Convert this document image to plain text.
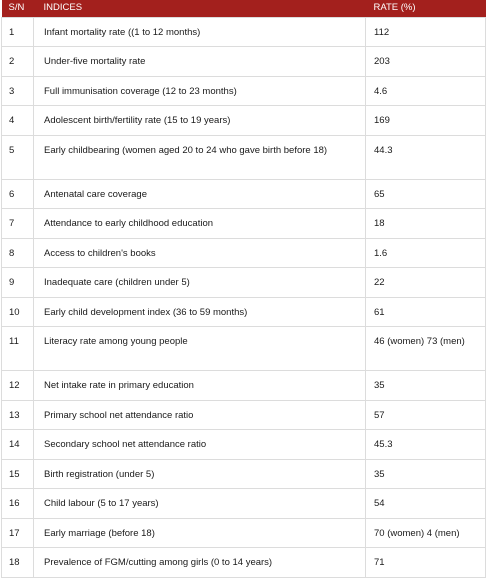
S/N	INDICES	RATE (%)
1	Infant mortality rate ((1 to 12 months)	112
2	Under-five mortality rate	203
3	Full immunisation coverage (12 to 23 months)	4.6
4	Adolescent birth/fertility rate (15 to 19 years)	169
5	Early childbearing (women aged 20 to 24 who gave birth before 18)	44.3
6	Antenatal care coverage	65
7	Attendance to early childhood education	18
8	Access to children's books	1.6
9	Inadequate care (children under 5)	22
10	Early child development index (36 to 59 months)	61
11	Literacy rate among young people	46 (women) 73 (men)
12	Net intake rate in primary education	35
13	Primary school net attendance ratio	57
14	Secondary school net attendance ratio	45.3
15	Birth registration (under 5)	35
16	Child labour (5 to 17 years)	54
17	Early marriage (before 18)	70 (women) 4 (men)
18	Prevalence of FGM/cutting among girls (0 to 14 years)	71
